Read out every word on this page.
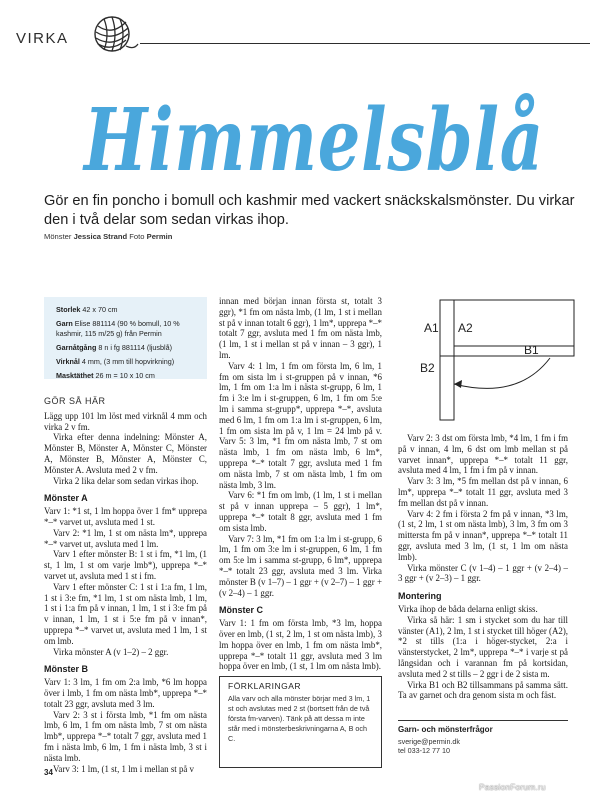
VIRKA
Himmelsblå
Gör en fin poncho i bomull och kashmir med vackert snäckskalsmönster. Du virkar den i två delar som sedan virkas ihop.
Mönster Jessica Strand Foto Permin
Storlek 42 x 70 cm
Garn Elise 881114 (90 % bomull, 10 % kashmir, 115 m/25 g) från Permin
Garnåtgång 8 n i fg 881114 (ljusblå)
Virknål 4 mm, (3 mm till hopvirkning)
Masktäthet 26 m = 10 x 10 cm
GÖR SÅ HÄR

Lägg upp 101 lm löst med virknål 4 mm och virka 2 v fm.

Virka efter denna indelning: Mönster A, Mönster B, Mönster A, Mönster C, Mönster A, Mönster B, Mönster A, Mönster C, Mönster A. Avsluta med 2 v fm.

Virka 2 lika delar som sedan virkas ihop.

Mönster A

Varv 1: *1 st, 1 lm hoppa över 1 fm* upprepa *–* varvet ut, avsluta med 1 st.

Varv 2: *1 lm, 1 st om nästa lm*, upprepa *–* varvet ut, avsluta med 1 lm.

Varv 1 efter mönster B: 1 st i fm, *1 lm, (1 st, 1 lm, 1 st om varje lmb*), upprepa *–* varvet ut, avsluta med 1 st i fm.

Varv 1 efter mönster C: 1 st i 1:a fm, 1 lm, 1 st i 3:e fm, *1 lm, 1 st om nästa lmb, 1 lm, 1 st i 1:a fm på v innan, 1 lm, 1 st i 3:e fm på v innan, 1 lm, 1 st i 5:e fm på v innan*, upprepa *–* varvet ut, avsluta med 1 lm, 1 st om lmb.

Virka mönster A (v 1–2) – 2 ggr.

Mönster B

Varv 1: 3 lm, 1 fm om 2:a lmb, *6 lm hoppa över i lmb, 1 fm om nästa lmb*, upprepa *–* totalt 23 ggr, avsluta med 3 lm.

Varv 2: 3 st i första lmb, *1 fm om nästa lmb, 6 lm, 1 fm om nästa lmb, 7 st om nästa lmb*, upprepa *–* totalt 7 ggr, avsluta med 1 fm i nästa lmb, 6 lm, 1 fm i nästa lmb, 3 st i nästa lmb.

Varv 3: 1 lm, (1 st, 1 lm i mellan st på v

innan med början innan första st, totalt 3 ggr), *1 fm om nästa lmb, (1 lm, 1 st i mellan st på v innan totalt 6 ggr), 1 lm*, upprepa *–* totalt 7 ggr, avsluta med 1 fm om nästa lmb, (1 lm, 1 st i mellan st på v innan – 3 ggr), 1 lm.

Varv 4: 1 lm, 1 fm om första lm, 6 lm, 1 fm om sista lm i st-gruppen på v innan, *6 lm, 1 fm om 1:a lm i nästa st-grupp, 6 lm, 1 fm i 3:e lm i st-gruppen, 6 lm, 1 fm om 5:e lm i samma st-grupp*, upprepa *–*, avsluta med 6 lm, 1 fm om 1:a lm i st-gruppen, 6 lm, 1 fm om sista lm på v, 1 lm = 24 lmb på v. Varv 5: 3 lm, *1 fm om nästa lmb, 7 st om nästa lmb, 1 fm om nästa lmb, 6 lm*, upprepa *–* totalt 7 ggr, avsluta med 1 fm om nästa lmb, 7 st om nästa lmb, 1 fm om nästa lmb, 3 lm.

Varv 6: *1 fm om lmb, (1 lm, 1 st i mellan st på v innan upprepa – 5 ggr), 1 lm*, upprepa *–* totalt 8 ggr, avsluta med 1 fm om sista lmb.

Varv 7: 3 lm, *1 fm om 1:a lm i st-grupp, 6 lm, 1 fm om 3:e lm i st-gruppen, 6 lm, 1 fm om 5:e lm i samma st-grupp, 6 lm*, upprepa *–* totalt 23 ggr, avsluta med 3 lm. Virka mönster B (v 1–7) – 1 ggr + (v 2–7) – 1 ggr + (v 2–4) – 1 ggr.

Mönster C

Varv 1: 1 fm om första lmb, *3 lm, hoppa över en lmb, (1 st, 2 lm, 1 st om nästa lmb), 3 lm hoppa över en lmb, 1 fm om nästa lmb*, upprepa *–* totalt 11 ggr, avsluta med 3 lm hoppa över en lmb, (1 st, 1 lm om nästa lmb).

FÖRKLARINGAR
Alla varv och alla mönster börjar med 3 lm, 1 st och avslutas med 2 st (bortsett från de två första fm-varven). Tänk på att dessa m inte står med i mönsterbeskrivningarna A, B och C.
A1 A2
B1
B2

Varv 2: 3 dst om första lmb, *4 lm, 1 fm i fm på v innan, 4 lm, 6 dst om lmb mellan st på varvet innan*, upprepa *–* totalt 11 ggr, avsluta med 4 lm, 1 fm i fm på v innan.

Varv 3: 3 lm, *5 fm mellan dst på v innan, 6 lm*, upprepa *–* totalt 11 ggr, avsluta med 3 fm mellan dst på v innan.

Varv 4: 2 fm i första 2 fm på v innan, *3 lm, (1 st, 2 lm, 1 st om nästa lmb), 3 lm, 3 fm om 3 mittersta fm på v innan*, upprepa *–* totalt 11 ggr, avsluta med 3 lm, (1 st, 1 lm om nästa lmb).

Virka mönster C (v 1–4) – 1 ggr + (v 2–4) – 3 ggr + (v 2–3) – 1 ggr.

Montering

Virka ihop de båda delarna enligt skiss.

Virka så här: 1 sm i stycket som du har till vänster (A1), 2 lm, 1 st i stycket till höger (A2), *2 st tills (1:a i höger-stycket, 2:a i vänsterstycket, 2 lm*, upprepa *–* i varje st på långsidan och i varannan fm på kortsidan, avsluta med 2 st tills – 2 ggr i de 2 sista m.

Virka B1 och B2 tillsammans på samma sätt. Ta av garnet och dra genom sista m och fäst.

Garn- och mönsterfrågor
sverige@permin.dk
tel 033-12 77 10
34
PassionForum.ru
